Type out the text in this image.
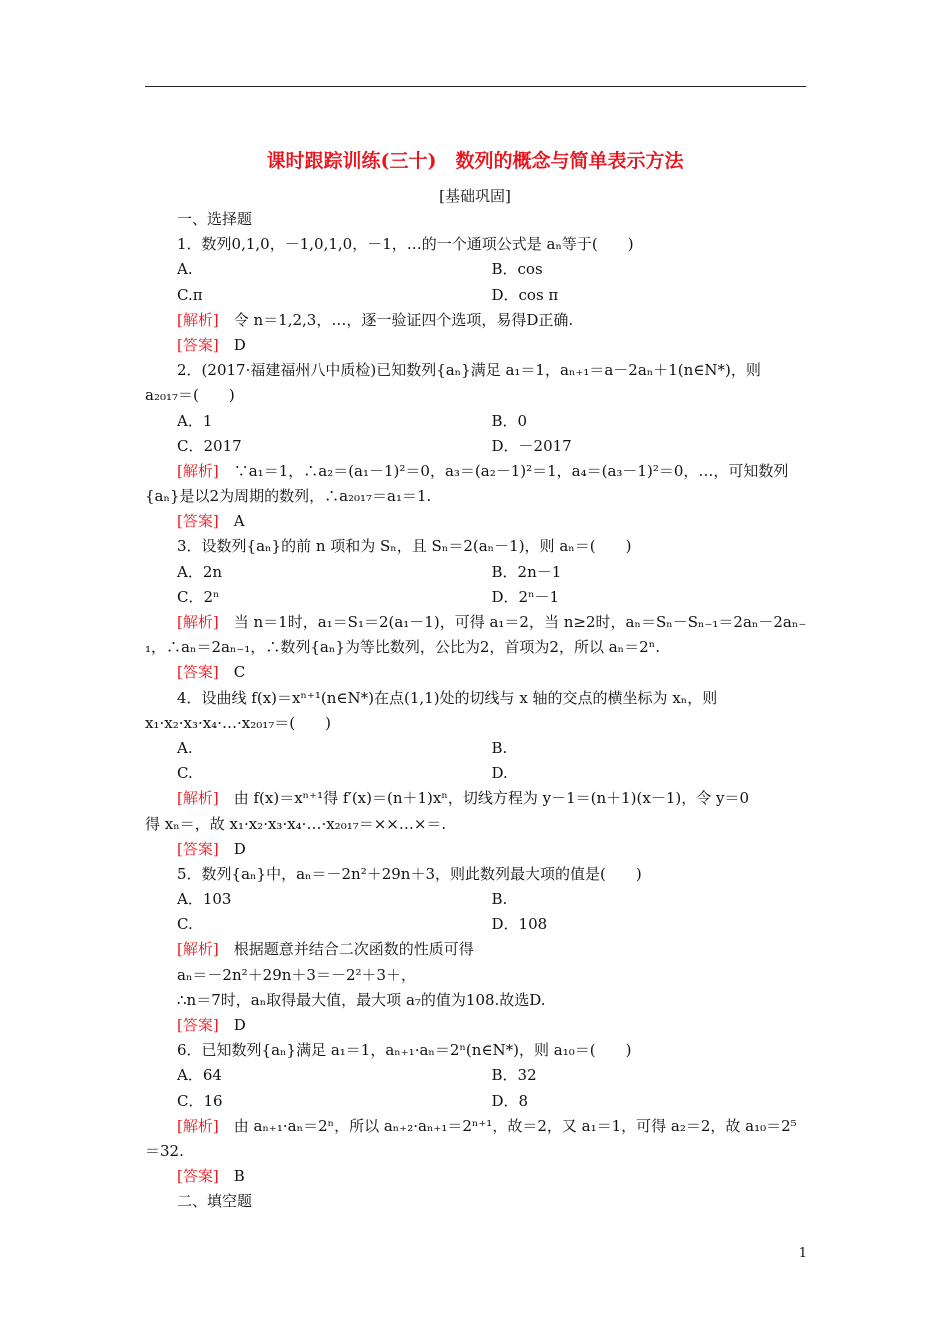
课时跟踪训练(三十)　数列的概念与简单表示方法
[基础巩固]
一、选择题
1．数列0,1,0，－1,0,1,0，－1，…的一个通项公式是 aₙ等于(　　)
A.	B．cos
C.π	D．cos π
[解析]　 令 n＝1,2,3，…，逐一验证四个选项，易得D正确.
[答案]　 D
2．(2017·福建福州八中质检)已知数列{aₙ}满足 a₁＝1，aₙ₊₁＝a－2aₙ＋1(n∈N*)，则
a₂₀₁₇＝(　　)
A．1	B．0
C．2017	D．－2017
[解析]　 ∵a₁＝1，∴a₂＝(a₁－1)²＝0，a₃＝(a₂－1)²＝1，a₄＝(a₃－1)²＝0，…，可知数列
{aₙ}是以2为周期的数列，∴a₂₀₁₇＝a₁＝1.
[答案]　 A
3．设数列{aₙ}的前 n 项和为 Sₙ，且 Sₙ＝2(aₙ－1)，则 aₙ＝(　　)
A．2n	B．2n－1
C．2ⁿ	D．2ⁿ－1
[解析]　 当 n＝1时，a₁＝S₁＝2(a₁－1)，可得 a₁＝2，当 n≥2时，aₙ＝Sₙ－Sₙ₋₁＝2aₙ－2aₙ₋
₁，∴aₙ＝2aₙ₋₁，∴数列{aₙ}为等比数列，公比为2，首项为2，所以 aₙ＝2ⁿ.
[答案]　 C
4．设曲线 f(x)＝xⁿ⁺¹(n∈N*)在点(1,1)处的切线与 x 轴的交点的横坐标为 xₙ，则
x₁·x₂·x₃·x₄·…·x₂₀₁₇＝(　　)
A.	B.
C.	D.
[解析]　 由 f(x)＝xⁿ⁺¹得 f′(x)＝(n＋1)xⁿ，切线方程为 y－1＝(n＋1)(x－1)，令 y＝0
得 xₙ＝，故 x₁·x₂·x₃·x₄·…·x₂₀₁₇＝××…×＝.
[答案]　 D
5．数列{aₙ}中，aₙ＝－2n²＋29n＋3，则此数列最大项的值是(　　)
A．103	B.
C.	D．108
[解析]　 根据题意并结合二次函数的性质可得
aₙ＝－2n²＋29n＋3＝－2²＋3＋，
∴n＝7时，aₙ取得最大值，最大项 a₇的值为108.故选D.
[答案]　 D
6．已知数列{aₙ}满足 a₁＝1，aₙ₊₁·aₙ＝2ⁿ(n∈N*)，则 a₁₀＝(　　)
A．64	B．32
C．16	D．8
[解析]　 由 aₙ₊₁·aₙ＝2ⁿ，所以 aₙ₊₂·aₙ₊₁＝2ⁿ⁺¹，故＝2，又 a₁＝1，可得 a₂＝2，故 a₁₀＝2⁵
＝32.
[答案]　 B
二、填空题
1
